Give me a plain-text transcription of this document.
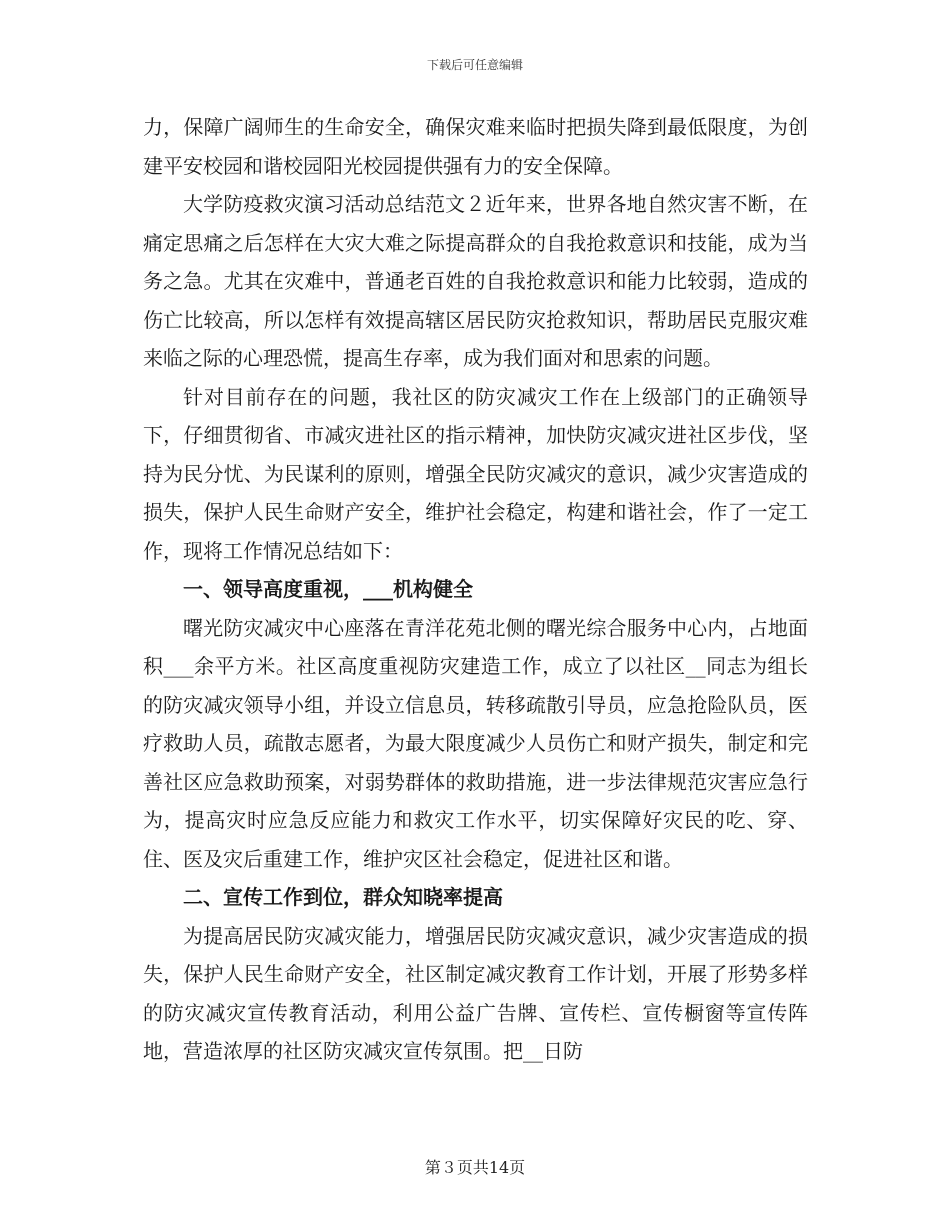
下载后可任意编辑

力，保障广阔师生的生命安全，确保灾难来临时把损失降到最低限度，为创建平安校园和谐校园阳光校园提供强有力的安全保障。

大学防疫救灾演习活动总结范文２近年来，世界各地自然灾害不断，在痛定思痛之后怎样在大灾大难之际提高群众的自我抢救意识和技能，成为当务之急。尤其在灾难中，普通老百姓的自我抢救意识和能力比较弱，造成的伤亡比较高，所以怎样有效提高辖区居民防灾抢救知识，帮助居民克服灾难来临之际的心理恐慌，提高生存率，成为我们面对和思索的问题。

针对目前存在的问题，我社区的防灾减灾工作在上级部门的正确领导下，仔细贯彻省、市减灾进社区的指示精神，加快防灾减灾进社区步伐，坚持为民分忧、为民谋利的原则，增强全民防灾减灾的意识，减少灾害造成的损失，保护人民生命财产安全，维护社会稳定，构建和谐社会，作了一定工作，现将工作情况总结如下：

一、领导高度重视，___机构健全

曙光防灾减灾中心座落在青洋花苑北侧的曙光综合服务中心内，占地面积___余平方米。社区高度重视防灾建造工作，成立了以社区__同志为组长的防灾减灾领导小组，并设立信息员，转移疏散引导员，应急抢险队员，医疗救助人员，疏散志愿者，为最大限度减少人员伤亡和财产损失，制定和完善社区应急救助预案，对弱势群体的救助措施，进一步法律规范灾害应急行为，提高灾时应急反应能力和救灾工作水平，切实保障好灾民的吃、穿、住、医及灾后重建工作，维护灾区社会稳定，促进社区和谐。

二、宣传工作到位，群众知晓率提高

为提高居民防灾减灾能力，增强居民防灾减灾意识，减少灾害造成的损失，保护人民生命财产安全，社区制定减灾教育工作计划，开展了形势多样的防灾减灾宣传教育活动，利用公益广告牌、宣传栏、宣传橱窗等宣传阵地，营造浓厚的社区防灾减灾宣传氛围。把__日防

第３页共14页
